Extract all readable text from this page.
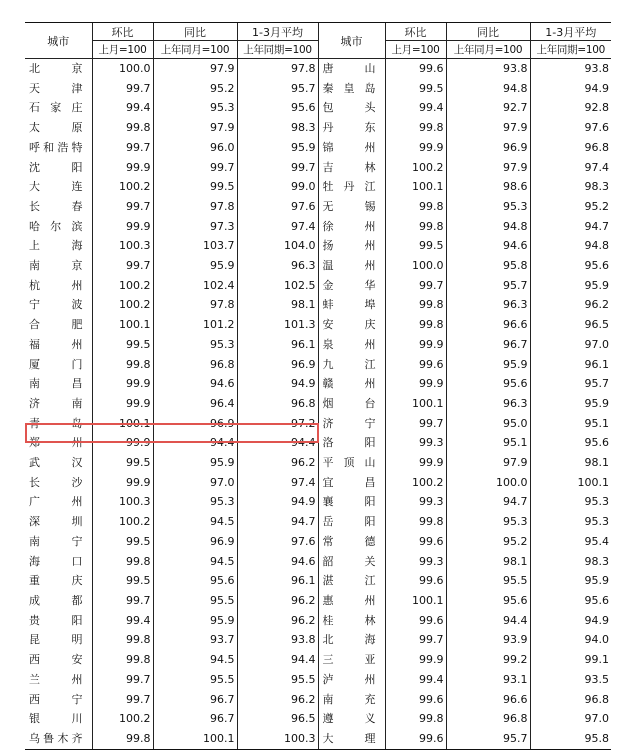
城市	环比	同比	1-3月平均	城市	环比	同比	1-3月平均
	上月=100	上年同月=100	上年同期=100		上月=100	上年同月=100	上年同期=100
北京	100.0	97.9	97.8	唐山	99.6	93.8	93.8
天津	99.7	95.2	95.7	秦皇岛	99.5	94.8	94.9
石家庄	99.4	95.3	95.6	包头	99.4	92.7	92.8
太原	99.8	97.9	98.3	丹东	99.8	97.9	97.6
呼和浩特	99.7	96.0	95.9	锦州	99.9	96.9	96.8
沈阳	99.9	99.7	99.7	吉林	100.2	97.9	97.4
大连	100.2	99.5	99.0	牡丹江	100.1	98.6	98.3
长春	99.7	97.8	97.6	无锡	99.8	95.3	95.2
哈尔滨	99.9	97.3	97.4	徐州	99.8	94.8	94.7
上海	100.3	103.7	104.0	扬州	99.5	94.6	94.8
南京	99.7	95.9	96.3	温州	100.0	95.8	95.6
杭州	100.2	102.4	102.5	金华	99.7	95.7	95.9
宁波	100.2	97.8	98.1	蚌埠	99.8	96.3	96.2
合肥	100.1	101.2	101.3	安庆	99.8	96.6	96.5
福州	99.5	95.3	96.1	泉州	99.9	96.7	97.0
厦门	99.8	96.8	96.9	九江	99.6	95.9	96.1
南昌	99.9	94.6	94.9	赣州	99.9	95.6	95.7
济南	99.9	96.4	96.8	烟台	100.1	96.3	95.9
青岛	100.1	96.9	97.2	济宁	99.7	95.0	95.1
郑州	99.9	94.4	94.4	洛阳	99.3	95.1	95.6
武汉	99.5	95.9	96.2	平顶山	99.9	97.9	98.1
长沙	99.9	97.0	97.4	宜昌	100.2	100.0	100.1
广州	100.3	95.3	94.9	襄阳	99.3	94.7	95.3
深圳	100.2	94.5	94.7	岳阳	99.8	95.3	95.3
南宁	99.5	96.9	97.6	常德	99.6	95.2	95.4
海口	99.8	94.5	94.6	韶关	99.3	98.1	98.3
重庆	99.5	95.6	96.1	湛江	99.6	95.5	95.9
成都	99.7	95.5	96.2	惠州	100.1	95.6	95.6
贵阳	99.4	95.9	96.2	桂林	99.6	94.4	94.9
昆明	99.8	93.7	93.8	北海	99.7	93.9	94.0
西安	99.8	94.5	94.4	三亚	99.9	99.2	99.1
兰州	99.7	95.5	95.5	泸州	99.4	93.1	93.5
西宁	99.7	96.7	96.2	南充	99.6	96.6	96.8
银川	100.2	96.7	96.5	遵义	99.8	96.8	97.0
乌鲁木齐	99.8	100.1	100.3	大理	99.6	95.7	95.8
